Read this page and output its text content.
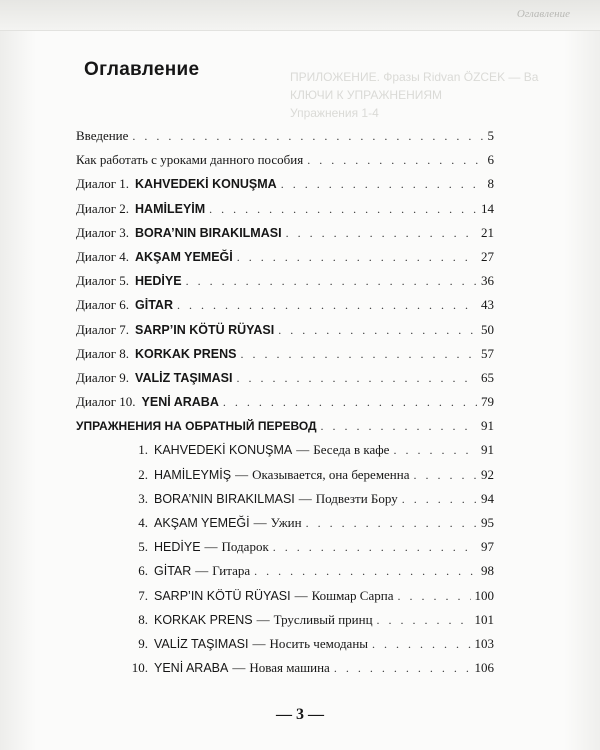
Оглавление
ПРИЛОЖЕНИЕ. Фразы Ridvan ÖZCEK — Ва
КЛЮЧИ К УПРАЖНЕНИЯМ
Упражнения 1-4
Оглавление
Введение . . .	5
Как работать с уроками данного пособия . . .	6
Диалог 1. KAHVEDEKİ KONUŞMA . . .	8
Диалог 2. HAMİLEYİM . . .	14
Диалог 3. BORA’NIN BIRAKILMASI . . .	21
Диалог 4. AKŞAM YEMEĞİ . . .	27
Диалог 5. HEDİYE . . .	36
Диалог 6. GİTAR . . .	43
Диалог 7. SARP’IN KÖTÜ RÜYASI . . .	50
Диалог 8. KORKAK PRENS . . .	57
Диалог 9. VALİZ TAŞIMASI . . .	65
Диалог 10. YENİ ARABA . . .	79
УПРАЖНЕНИЯ НА ОБРАТНЫЙ ПЕРЕВОД . . .	91
1. KAHVEDEKİ KONUŞMA — Беседа в кафе . . .	91
2. HAMİLEYMİŞ — Оказывается, она беременна . . .	92
3. BORA’NIN BIRAKILMASI — Подвезти Бору . . .	94
4. AKŞAM YEMEĞİ — Ужин . . .	95
5. HEDİYE — Подарок . . .	97
6. GİTAR — Гитара . . .	98
7. SARP’IN KÖTÜ RÜYASI — Кошмар Сарпа . . .	100
8. KORKAK PRENS — Трусливый принц . . .	101
9. VALİZ TAŞIMASI — Носить чемоданы . . .	103
10. YENİ ARABA — Новая машина . . .	106
— 3 —
